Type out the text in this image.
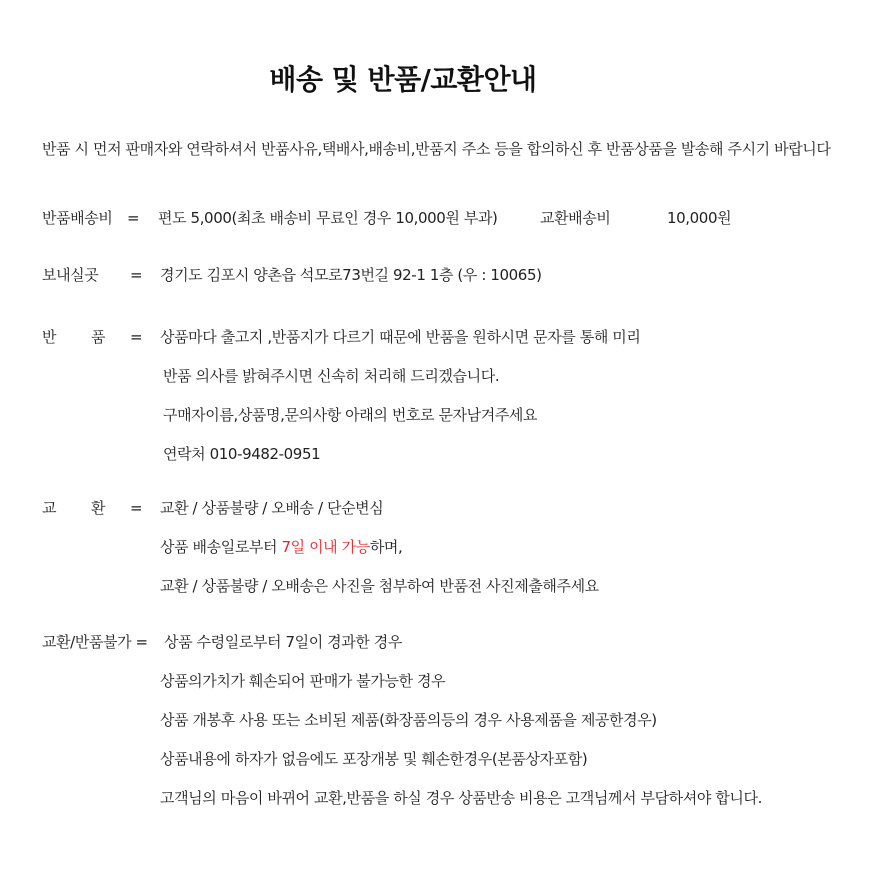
배송 및 반품/교환안내
반품 시 먼저 판매자와 연락하셔서 반품사유,택배사,배송비,반품지 주소 등을 합의하신 후 반품상품을 발송해 주시기 바랍니다
반품배송비 = 편도 5,000(최초 배송비 무료인 경우 10,000원 부과)	교환배송비	10,000원
보내실곳 = 경기도 김포시 양촌읍 석모로73번길 92-1 1층 (우 : 10065)
반        품 = 상품마다 출고지 ,반품지가 다르기 때문에 반품을 원하시면 문자를 통해 미리
반품 의사를 밝혀주시면 신속히 처리해 드리겠습니다.
구매자이름,상품명,문의사항 아래의 번호로 문자남겨주세요
연락처 010-9482-0951
교        환 = 교환 / 상품불량 / 오배송 / 단순변심
상품 배송일로부터 7일 이내 가능하며,
교환 / 상품불량 / 오배송은 사진을 첨부하여 반품전 사진제출해주세요
교환/반품불가 = 상품 수령일로부터 7일이 경과한 경우
상품의가치가 훼손되어 판매가 불가능한 경우
상품 개봉후 사용 또는 소비된 제품(화장품의등의 경우 사용제품을 제공한경우)
상품내용에 하자가 없음에도 포장개봉 및 훼손한경우(본품상자포함)
고객님의 마음이 바뀌어 교환,반품을 하실 경우 상품반송 비용은 고객님께서 부담하셔야 합니다.
